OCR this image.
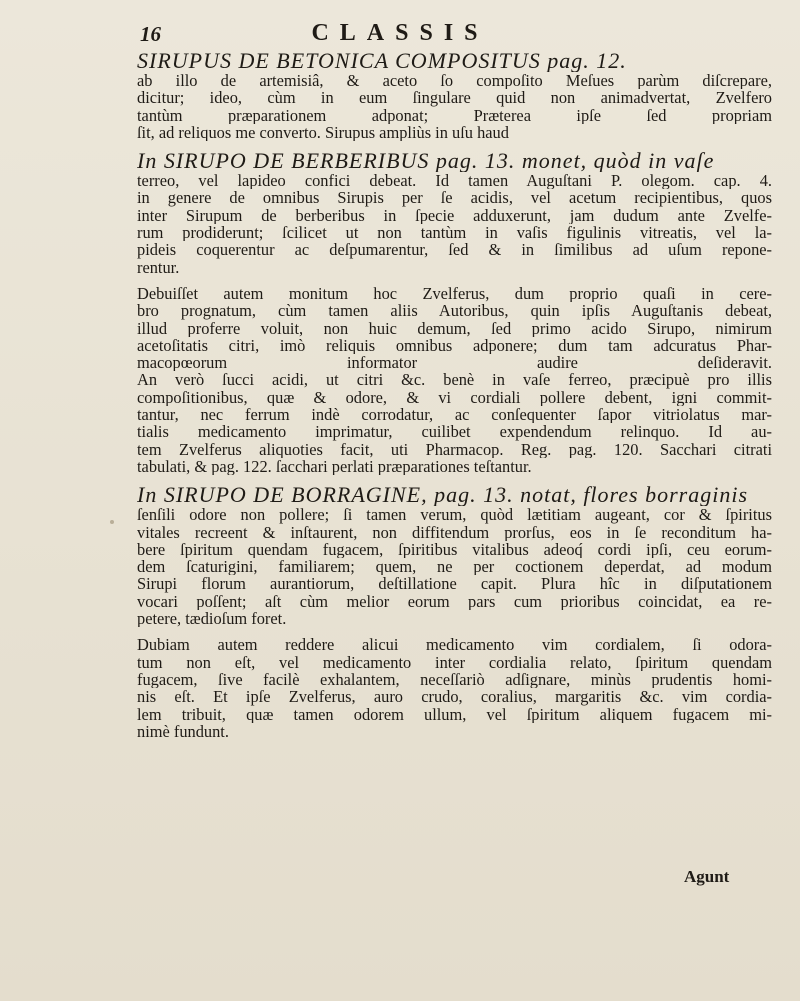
16	CLASSIS
SIRUPUS DE BETONICA COMPOSITUS pag. 12.
ab illo de artemisiâ, & aceto ſo compoſito Meſues parùm diſcrepare,
dicitur; ideo, cùm in eum ſingulare quid non animadvertat, Zvelfero
tantùm præparationem adponat; Præterea ipſe ſed propriam
ſit, ad reliquos me converto. Sirupus ampliùs in uſu haud
In SIRUPO DE BERBERIBUS pag. 13. monet, quòd in vaſe
terreo, vel lapideo confici debeat. Id tamen Auguſtani P. olegom. cap. 4.
in genere de omnibus Sirupis per ſe acidis, vel acetum recipientibus, quos
inter Sirupum de berberibus in ſpecie adduxerunt, jam dudum ante Zvelfe-
rum prodiderunt; ſcilicet ut non tantùm in vaſis figulinis vitreatis, vel la-
pideis coquerentur ac deſpumarentur, ſed & in ſimilibus ad uſum repone-
rentur.
Debuiſſet autem monitum hoc Zvelferus, dum proprio quaſi in cere-
bro prognatum, cùm tamen aliis Autoribus, quin ipſis Auguſtanis debeat,
illud proferre voluit, non huic demum, ſed primo acido Sirupo, nimirum
acetoſitatis citri, imò reliquis omnibus adponere; dum tam adcuratus Phar-
macopœorum informator audire deſideravit.
An verò ſucci acidi, ut citri &c. benè in vaſe ferreo, præcipuè pro illis
compoſitionibus, quæ & odore, & vi cordiali pollere debent, igni commit-
tantur, nec ferrum indè corrodatur, ac conſequenter ſapor vitriolatus mar-
tialis medicamento imprimatur, cuilibet expendendum relinquo. Id au-
tem Zvelferus aliquoties facit, uti Pharmacop. Reg. pag. 120. Sacchari citrati
tabulati, & pag. 122. ſacchari perlati præparationes teſtantur.
In SIRUPO DE BORRAGINE, pag. 13. notat, flores borraginis
ſenſili odore non pollere; ſi tamen verum, quòd lætitiam augeant, cor & ſpiritus
vitales recreent & inſtaurent, non diffitendum prorſus, eos in ſe reconditum ha-
bere ſpiritum quendam fugacem, ſpiritibus vitalibus adeoq́ cordi ipſi, ceu eorum-
dem ſcaturigini, familiarem; quem, ne per coctionem deperdat, ad modum
Sirupi florum aurantiorum, deſtillatione capit. Plura hîc in diſputationem
vocari poſſent; aſt cùm melior eorum pars cum prioribus coincidat, ea re-
petere, tædioſum foret.
Dubiam autem reddere alicui medicamento vim cordialem, ſi odora-
tum non eſt, vel medicamento inter cordialia relato, ſpiritum quendam
fugacem, ſive facilè exhalantem, neceſſariò adſignare, minùs prudentis homi-
nis eſt. Et ipſe Zvelferus, auro crudo, coralius, margaritis &c. vim cordia-
lem tribuit, quæ tamen odorem ullum, vel ſpiritum aliquem fugacem mi-
nimè fundunt.
Agunt
